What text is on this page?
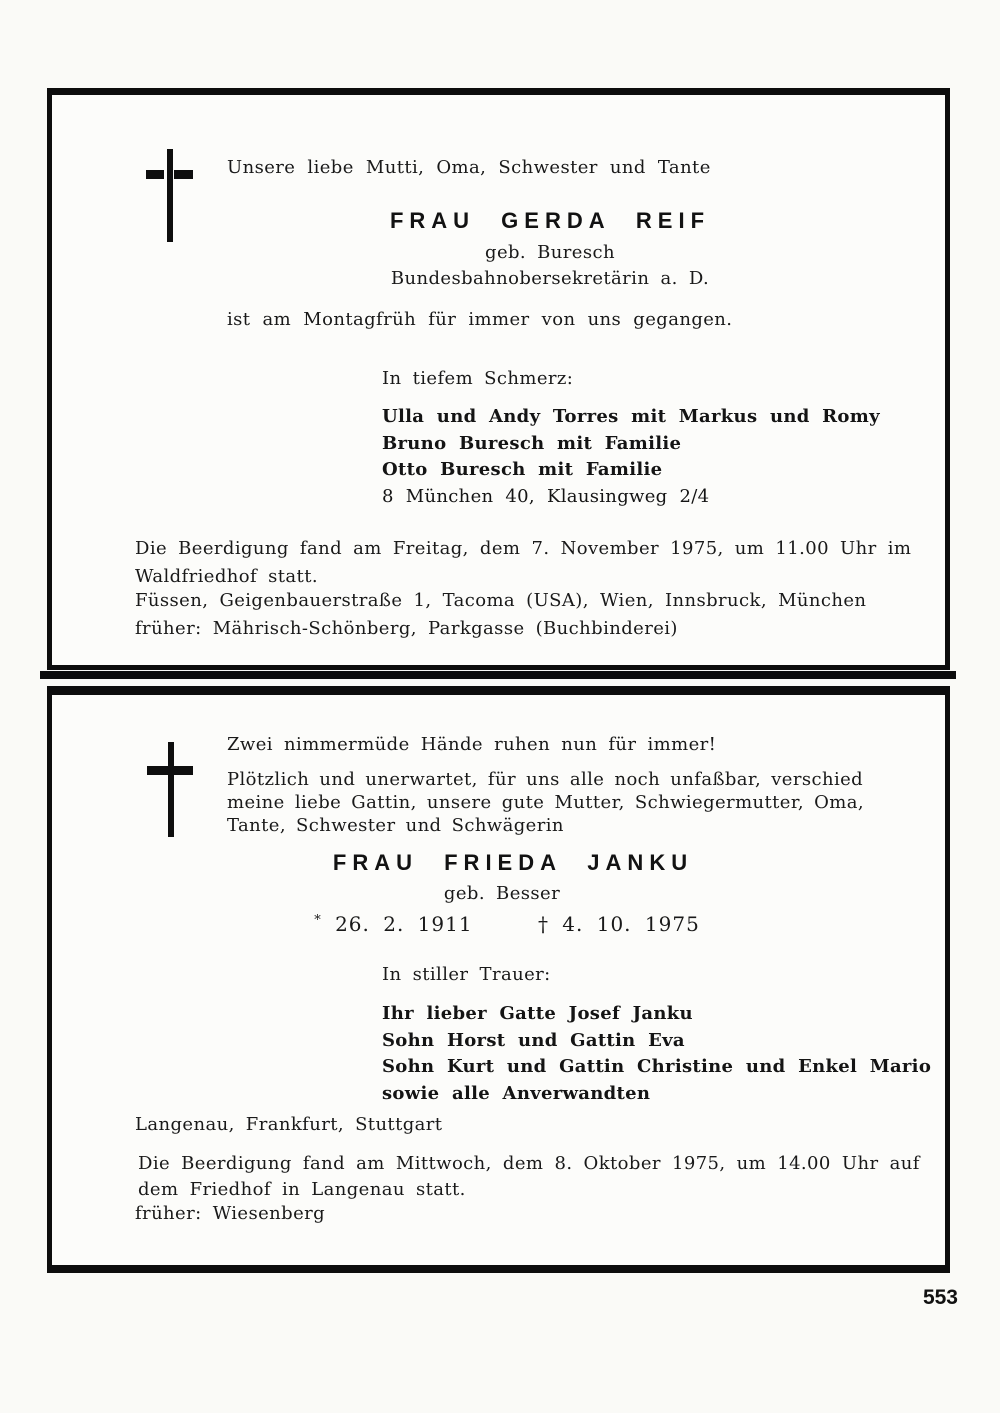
Unsere liebe Mutti, Oma, Schwester und Tante
FRAU GERDA REIF
geb. Buresch
Bundesbahnobersekretärin a. D.
ist am Montagfrüh für immer von uns gegangen.
In tiefem Schmerz:
Ulla und Andy Torres mit Markus und Romy
Bruno Buresch mit Familie
Otto Buresch mit Familie
8 München 40, Klausingweg 2/4
Die Beerdigung fand am Freitag, dem 7. November 1975, um 11.00 Uhr im
Waldfriedhof statt.
Füssen, Geigenbauerstraße 1, Tacoma (USA), Wien, Innsbruck, München
früher: Mährisch-Schönberg, Parkgasse (Buchbinderei)
Zwei nimmermüde Hände ruhen nun für immer!
Plötzlich und unerwartet, für uns alle noch unfaßbar, verschied
meine liebe Gattin, unsere gute Mutter, Schwiegermutter, Oma,
Tante, Schwester und Schwägerin
FRAU FRIEDA JANKU
geb. Besser
* 26. 2. 1911	† 4. 10. 1975
In stiller Trauer:
Ihr lieber Gatte Josef Janku
Sohn Horst und Gattin Eva
Sohn Kurt und Gattin Christine und Enkel Mario
sowie alle Anverwandten
Langenau, Frankfurt, Stuttgart
Die Beerdigung fand am Mittwoch, dem 8. Oktober 1975, um 14.00 Uhr auf
dem Friedhof in Langenau statt.
früher: Wiesenberg
553
